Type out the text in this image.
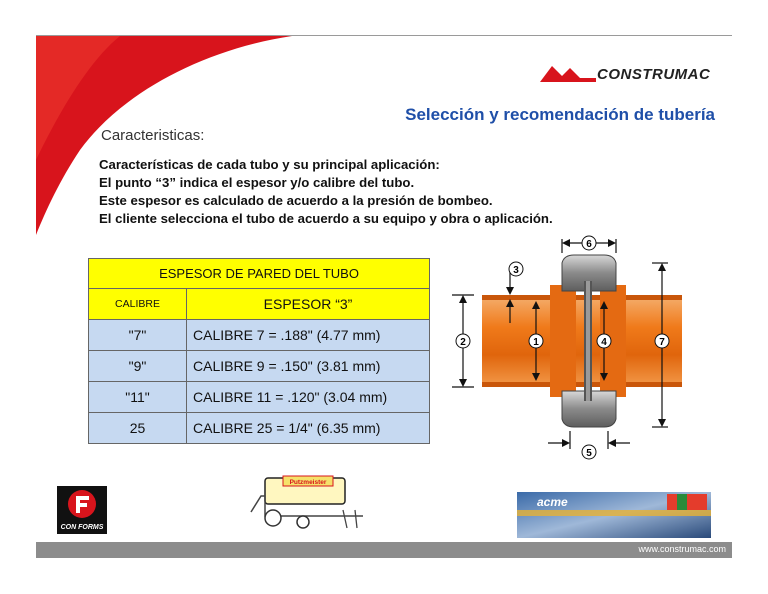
CONSTRUMAC
Selección y recomendación de tubería
Caracteristicas:
Características de cada tubo y su principal aplicación:
El punto “3” indica el espesor y/o calibre del tubo.
Este espesor es calculado de acuerdo a la presión de bombeo.
El cliente selecciona el tubo de acuerdo a su equipo y obra o aplicación.
ESPESOR DE PARED DEL TUBO	
CALIBRE	ESPESOR “3”
"7"	CALIBRE 7 = .188" (4.77 mm)
"9"	CALIBRE 9 = .150" (3.81 mm)
"11"	CALIBRE 11 = .120" (3.04 mm)
25	CALIBRE 25 = 1/4" (6.35 mm)
2	1
3
4
5
6
7
CON FORMS
Putzmeister
acme
www.construmac.com
